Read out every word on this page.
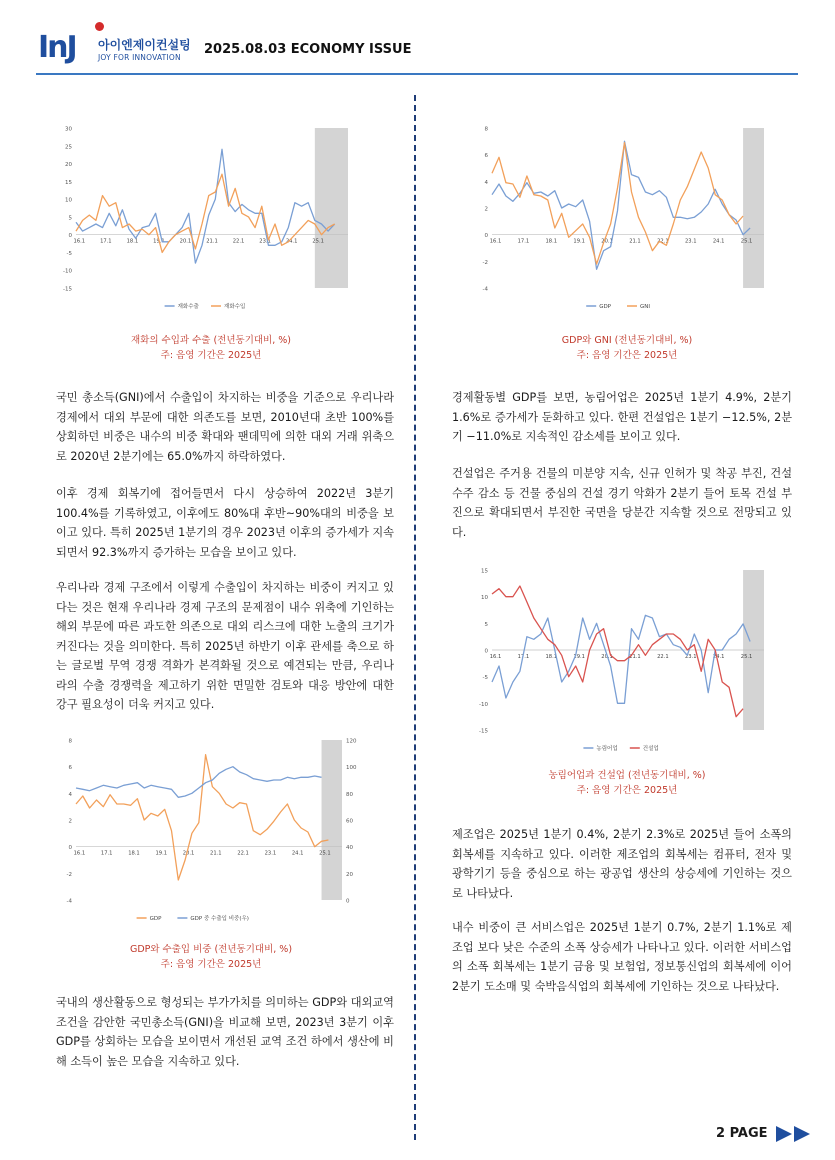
InJ 아이엔제이컨설팅
JOY FOR INNOVATION
2025.08.03 ECONOMY ISSUE
30
25
20
15
10
5
0
-5
-10
-15
16.1	17.1	18.1	19.1	20.1	21.1	22.1	23.1	24.1	25.1
재화수출	재화수입
재화의 수입과 수출 (전년동기대비, %)
주: 음영 기간은 2025년
국민 총소득(GNI)에서 수출입이 차지하는 비중을 기준으로 우리나라 경제에서 대외 부문에 대한 의존도를 보면, 2010년대 초반 100%를 상회하던 비중은 내수의 비중 확대와 팬데믹에 의한 대외 거래 위축으로 2020년 2분기에는 65.0%까지 하락하였다.
이후 경제 회복기에 접어들면서 다시 상승하여 2022년 3분기 100.4%를 기록하였고, 이후에도 80%대 후반~90%대의 비중을 보이고 있다. 특히 2025년 1분기의 경우 2023년 이후의 증가세가 지속되면서 92.3%까지 증가하는 모습을 보이고 있다.
우리나라 경제 구조에서 이렇게 수출입이 차지하는 비중이 커지고 있다는 것은 현재 우리나라 경제 구조의 문제점이 내수 위축에 기인하는 해외 부문에 따른 과도한 의존으로 대외 리스크에 대한 노출의 크기가 커진다는 것을 의미한다. 특히 2025년 하반기 이후 관세를 축으로 하는 글로벌 무역 경쟁 격화가 본격화될 것으로 예견되는 만큼, 우리나라의 수출 경쟁력을 제고하기 위한 면밀한 검토와 대응 방안에 대한 강구 필요성이 더욱 커지고 있다.
8
6
4
2
0
-2
-4
120
100
80
60
40
20
0
16.1	17.1	18.1	19.1	20.1	21.1	22.1	23.1	24.1	25.1
GDP	GDP 중 수출입 비중(우)
GDP와 수출입 비중 (전년동기대비, %)
주: 음영 기간은 2025년
국내의 생산활동으로 형성되는 부가가치를 의미하는 GDP와 대외교역 조건을 감안한 국민총소득(GNI)을 비교해 보면, 2023년 3분기 이후 GDP를 상회하는 모습을 보이면서 개선된 교역 조건 하에서 생산에 비해 소득이 높은 모습을 지속하고 있다.
8
6
4
2
0
-2
-4
16.1	17.1	18.1	19.1	20.1	21.1	22.1	23.1	24.1	25.1
GDP	GNI
GDP와 GNI (전년동기대비, %)
주: 음영 기간은 2025년
경제활동별 GDP를 보면, 농림어업은 2025년 1분기 4.9%, 2분기 1.6%로 증가세가 둔화하고 있다. 한편 건설업은 1분기 −12.5%, 2분기 −11.0%로 지속적인 감소세를 보이고 있다.
건설업은 주거용 건물의 미분양 지속, 신규 인허가 및 착공 부진, 건설 수주 감소 등 건물 중심의 건설 경기 악화가 2분기 들어 토목 건설 부진으로 확대되면서 부진한 국면을 당분간 지속할 것으로 전망되고 있다.
15
10
5
0
-5
-10
-15
16.1	17.1	18.1	19.1	20.1	21.1	22.1	23.1	24.1	25.1
농림어업	건설업
농림어업과 건설업 (전년동기대비, %)
주: 음영 기간은 2025년
제조업은 2025년 1분기 0.4%, 2분기 2.3%로 2025년 들어 소폭의 회복세를 지속하고 있다. 이러한 제조업의 회복세는 컴퓨터, 전자 및 광학기기 등을 중심으로 하는 광공업 생산의 상승세에 기인하는 것으로 나타났다.
내수 비중이 큰 서비스업은 2025년 1분기 0.7%, 2분기 1.1%로 제조업 보다 낮은 수준의 소폭 상승세가 나타나고 있다. 이러한 서비스업의 소폭 회복세는 1분기 금융 및 보험업, 정보통신업의 회복세에 이어 2분기 도소매 및 숙박음식업의 회복세에 기인하는 것으로 나타났다.
2 PAGE
